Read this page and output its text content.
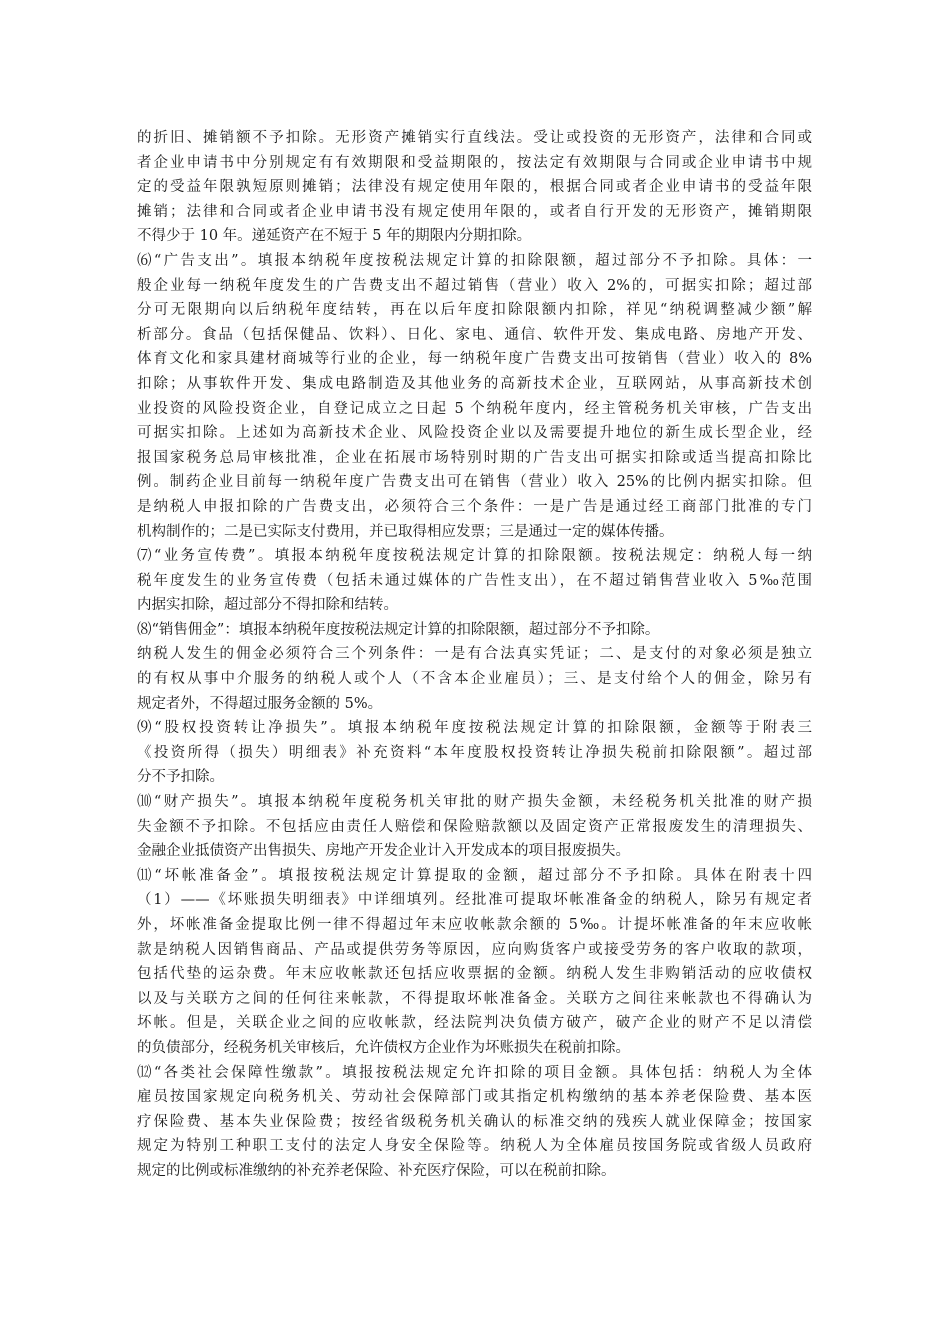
的折旧、摊销额不予扣除。无形资产摊销实行直线法。受让或投资的无形资产，法律和合同或
者企业申请书中分别规定有有效期限和受益期限的，按法定有效期限与合同或企业申请书中规
定的受益年限孰短原则摊销；法律没有规定使用年限的，根据合同或者企业申请书的受益年限
摊销；法律和合同或者企业申请书没有规定使用年限的，或者自行开发的无形资产，摊销期限
不得少于 10 年。递延资产在不短于 5 年的期限内分期扣除。
⑹“广告支出”。填报本纳税年度按税法规定计算的扣除限额，超过部分不予扣除。具体：一
般企业每一纳税年度发生的广告费支出不超过销售（营业）收入 2%的，可据实扣除；超过部
分可无限期向以后纳税年度结转，再在以后年度扣除限额内扣除，祥见“纳税调整减少额”解
析部分。食品（包括保健品、饮料）、日化、家电、通信、软件开发、集成电路、房地产开发、
体育文化和家具建材商城等行业的企业，每一纳税年度广告费支出可按销售（营业）收入的 8%
扣除；从事软件开发、集成电路制造及其他业务的高新技术企业，互联网站，从事高新技术创
业投资的风险投资企业，自登记成立之日起 5 个纳税年度内，经主管税务机关审核，广告支出
可据实扣除。上述如为高新技术企业、风险投资企业以及需要提升地位的新生成长型企业，经
报国家税务总局审核批准，企业在拓展市场特别时期的广告支出可据实扣除或适当提高扣除比
例。制药企业目前每一纳税年度广告费支出可在销售（营业）收入 25%的比例内据实扣除。但
是纳税人申报扣除的广告费支出，必须符合三个条件：一是广告是通过经工商部门批准的专门
机构制作的；二是已实际支付费用，并已取得相应发票；三是通过一定的媒体传播。
⑺“业务宣传费”。填报本纳税年度按税法规定计算的扣除限额。按税法规定：纳税人每一纳
税年度发生的业务宣传费（包括未通过媒体的广告性支出），在不超过销售营业收入 5‰范围
内据实扣除，超过部分不得扣除和结转。
⑻“销售佣金”：填报本纳税年度按税法规定计算的扣除限额，超过部分不予扣除。
纳税人发生的佣金必须符合三个列条件：一是有合法真实凭证；二、是支付的对象必须是独立
的有权从事中介服务的纳税人或个人（不含本企业雇员）；三、是支付给个人的佣金，除另有
规定者外，不得超过服务金额的 5%。
⑼“股权投资转让净损失”。填报本纳税年度按税法规定计算的扣除限额，金额等于附表三
《投资所得（损失）明细表》补充资料“本年度股权投资转让净损失税前扣除限额”。超过部
分不予扣除。
⑽“财产损失”。填报本纳税年度税务机关审批的财产损失金额，未经税务机关批准的财产损
失金额不予扣除。不包括应由责任人赔偿和保险赔款额以及固定资产正常报废发生的清理损失、
金融企业抵债资产出售损失、房地产开发企业计入开发成本的项目报废损失。
⑾“坏帐准备金”。填报按税法规定计算提取的金额，超过部分不予扣除。具体在附表十四
（1）——《坏账损失明细表》中详细填列。经批准可提取坏帐准备金的纳税人，除另有规定者
外，坏帐准备金提取比例一律不得超过年末应收帐款余额的 5‰。计提坏帐准备的年末应收帐
款是纳税人因销售商品、产品或提供劳务等原因，应向购货客户或接受劳务的客户收取的款项，
包括代垫的运杂费。年末应收帐款还包括应收票据的金额。纳税人发生非购销活动的应收债权
以及与关联方之间的任何往来帐款，不得提取坏帐准备金。关联方之间往来帐款也不得确认为
坏帐。但是，关联企业之间的应收帐款，经法院判决负债方破产，破产企业的财产不足以清偿
的负债部分，经税务机关审核后，允许债权方企业作为坏账损失在税前扣除。
⑿“各类社会保障性缴款”。填报按税法规定允许扣除的项目金额。具体包括：纳税人为全体
雇员按国家规定向税务机关、劳动社会保障部门或其指定机构缴纳的基本养老保险费、基本医
疗保险费、基本失业保险费；按经省级税务机关确认的标准交纳的残疾人就业保障金；按国家
规定为特别工种职工支付的法定人身安全保险等。纳税人为全体雇员按国务院或省级人员政府
规定的比例或标准缴纳的补充养老保险、补充医疗保险，可以在税前扣除。
